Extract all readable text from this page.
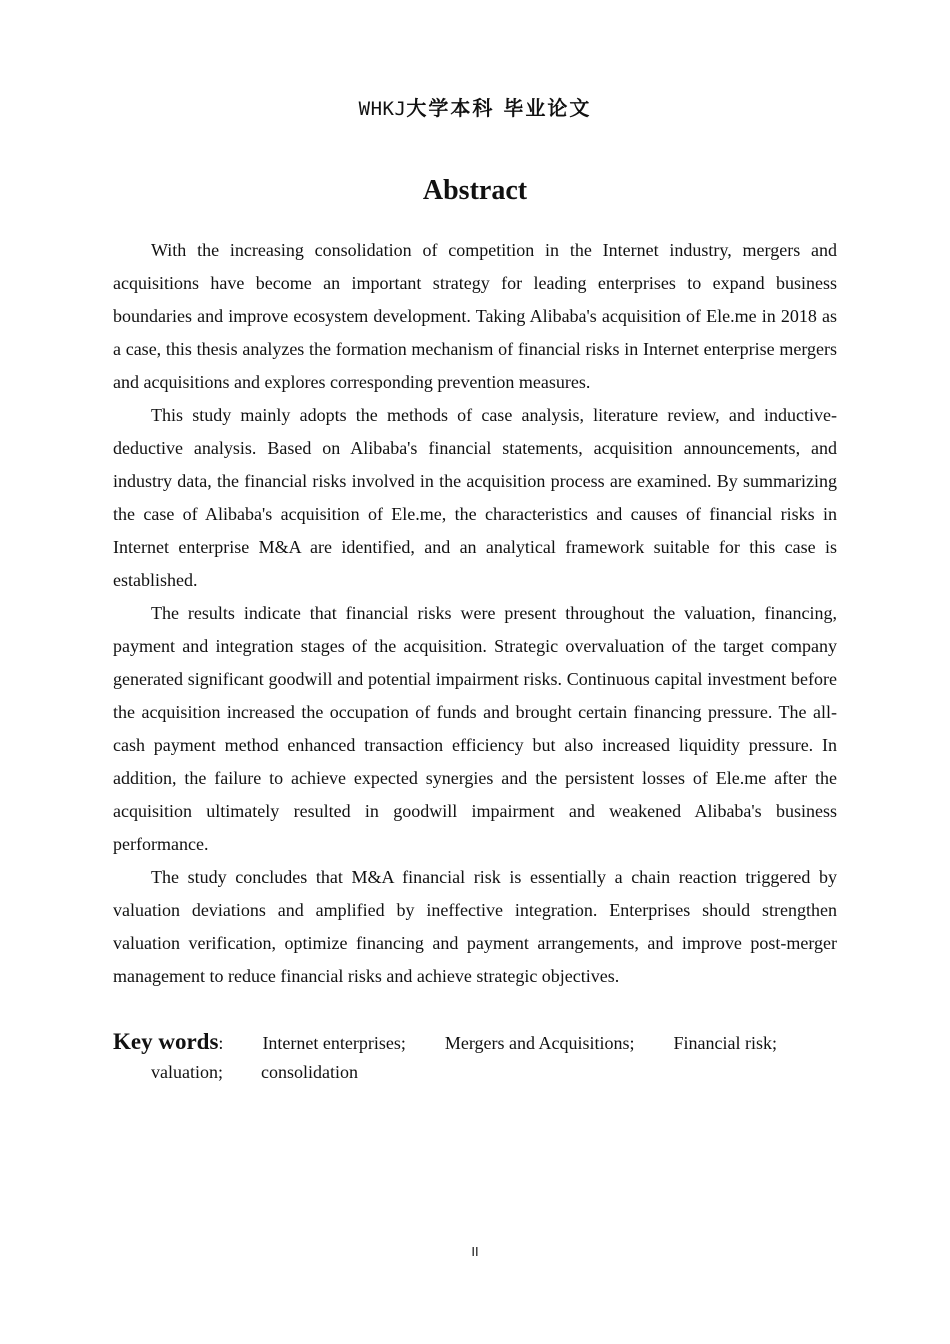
WHKJ大学本科 毕业论文
Abstract

With the increasing consolidation of competition in the Internet industry, mergers and acquisitions have become an important strategy for leading enterprises to expand business boundaries and improve ecosystem development. Taking Alibaba's acquisition of Ele.me in 2018 as a case, this thesis analyzes the formation mechanism of financial risks in Internet enterprise mergers and acquisitions and explores corresponding prevention measures.

This study mainly adopts the methods of case analysis, literature review, and inductive-deductive analysis. Based on Alibaba's financial statements, acquisition announcements, and industry data, the financial risks involved in the acquisition process are examined. By summarizing the case of Alibaba's acquisition of Ele.me, the characteristics and causes of financial risks in Internet enterprise M&A are identified, and an analytical framework suitable for this case is established.

The results indicate that financial risks were present throughout the valuation, financing, payment and integration stages of the acquisition. Strategic overvaluation of the target company generated significant goodwill and potential impairment risks. Continuous capital investment before the acquisition increased the occupation of funds and brought certain financing pressure. The all-cash payment method enhanced transaction efficiency but also increased liquidity pressure. In addition, the failure to achieve expected synergies and the persistent losses of Ele.me after the acquisition ultimately resulted in goodwill impairment and weakened Alibaba's business performance.

The study concludes that M&A financial risk is essentially a chain reaction triggered by valuation deviations and amplified by ineffective integration. Enterprises should strengthen valuation verification, optimize financing and payment arrangements, and improve post-merger management to reduce financial risks and achieve strategic objectives.

Key words : Internet enterprises; Mergers and Acquisitions; Financial risk;
valuation; consolidation
II
